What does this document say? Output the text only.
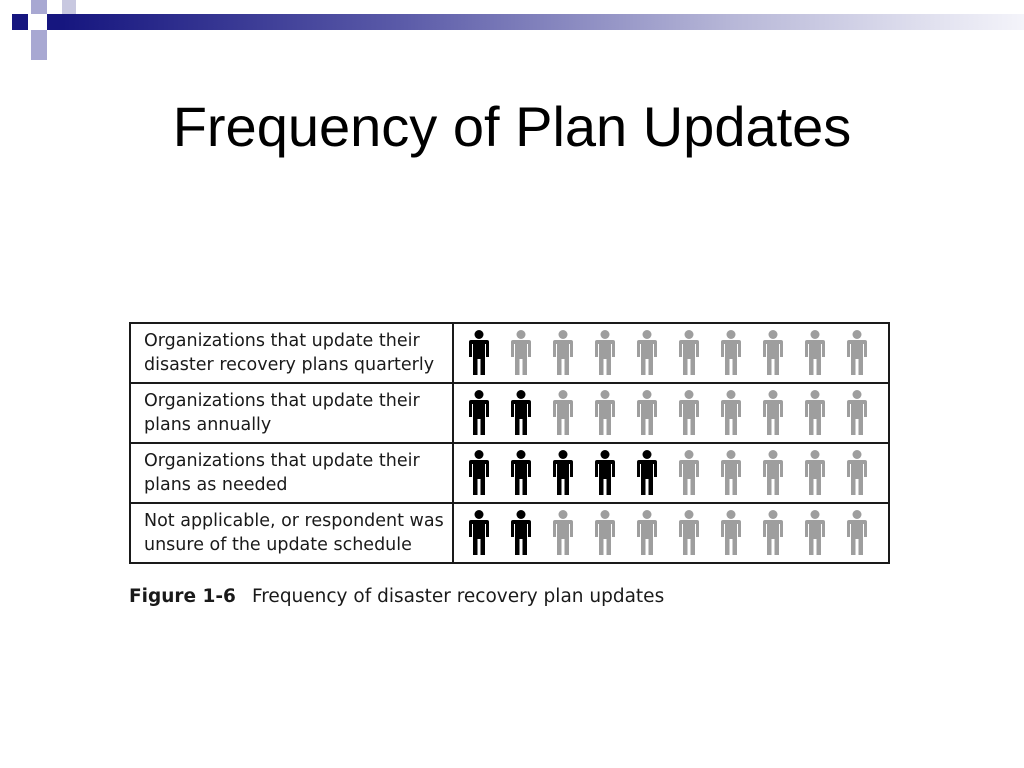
Frequency of Plan Updates
Organizations that update their
disaster recovery plans quarterly

Organizations that update their
plans annually

Organizations that update their
plans as needed

Not applicable, or respondent was
unsure of the update schedule

Figure 1-6 Frequency of disaster recovery plan updates
